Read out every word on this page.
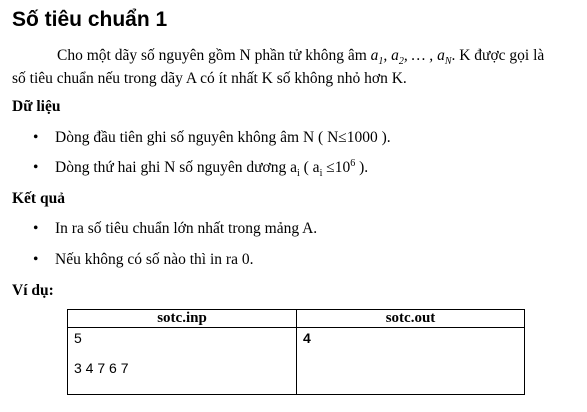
Số tiêu chuẩn 1
Cho một dãy số nguyên gồm N phần tử không âm $a_1$, $a_2$, … , $a_N$. K được gọi là
số tiêu chuẩn nếu trong dãy A có ít nhất K số không nhỏ hơn K.
Dữ liệu
• Dòng đầu tiên ghi số nguyên không âm N ( N≤1000 ).
• Dòng thứ hai ghi N số nguyên dương $a_i$ ( $a_i \le 10^6$ ).
Kết quả
• In ra số tiêu chuẩn lớn nhất trong mảng A.
• Nếu không có số nào thì in ra 0.
Ví dụ:
sotc.inp	sotc.out

5
3 4 7 6 7	4
